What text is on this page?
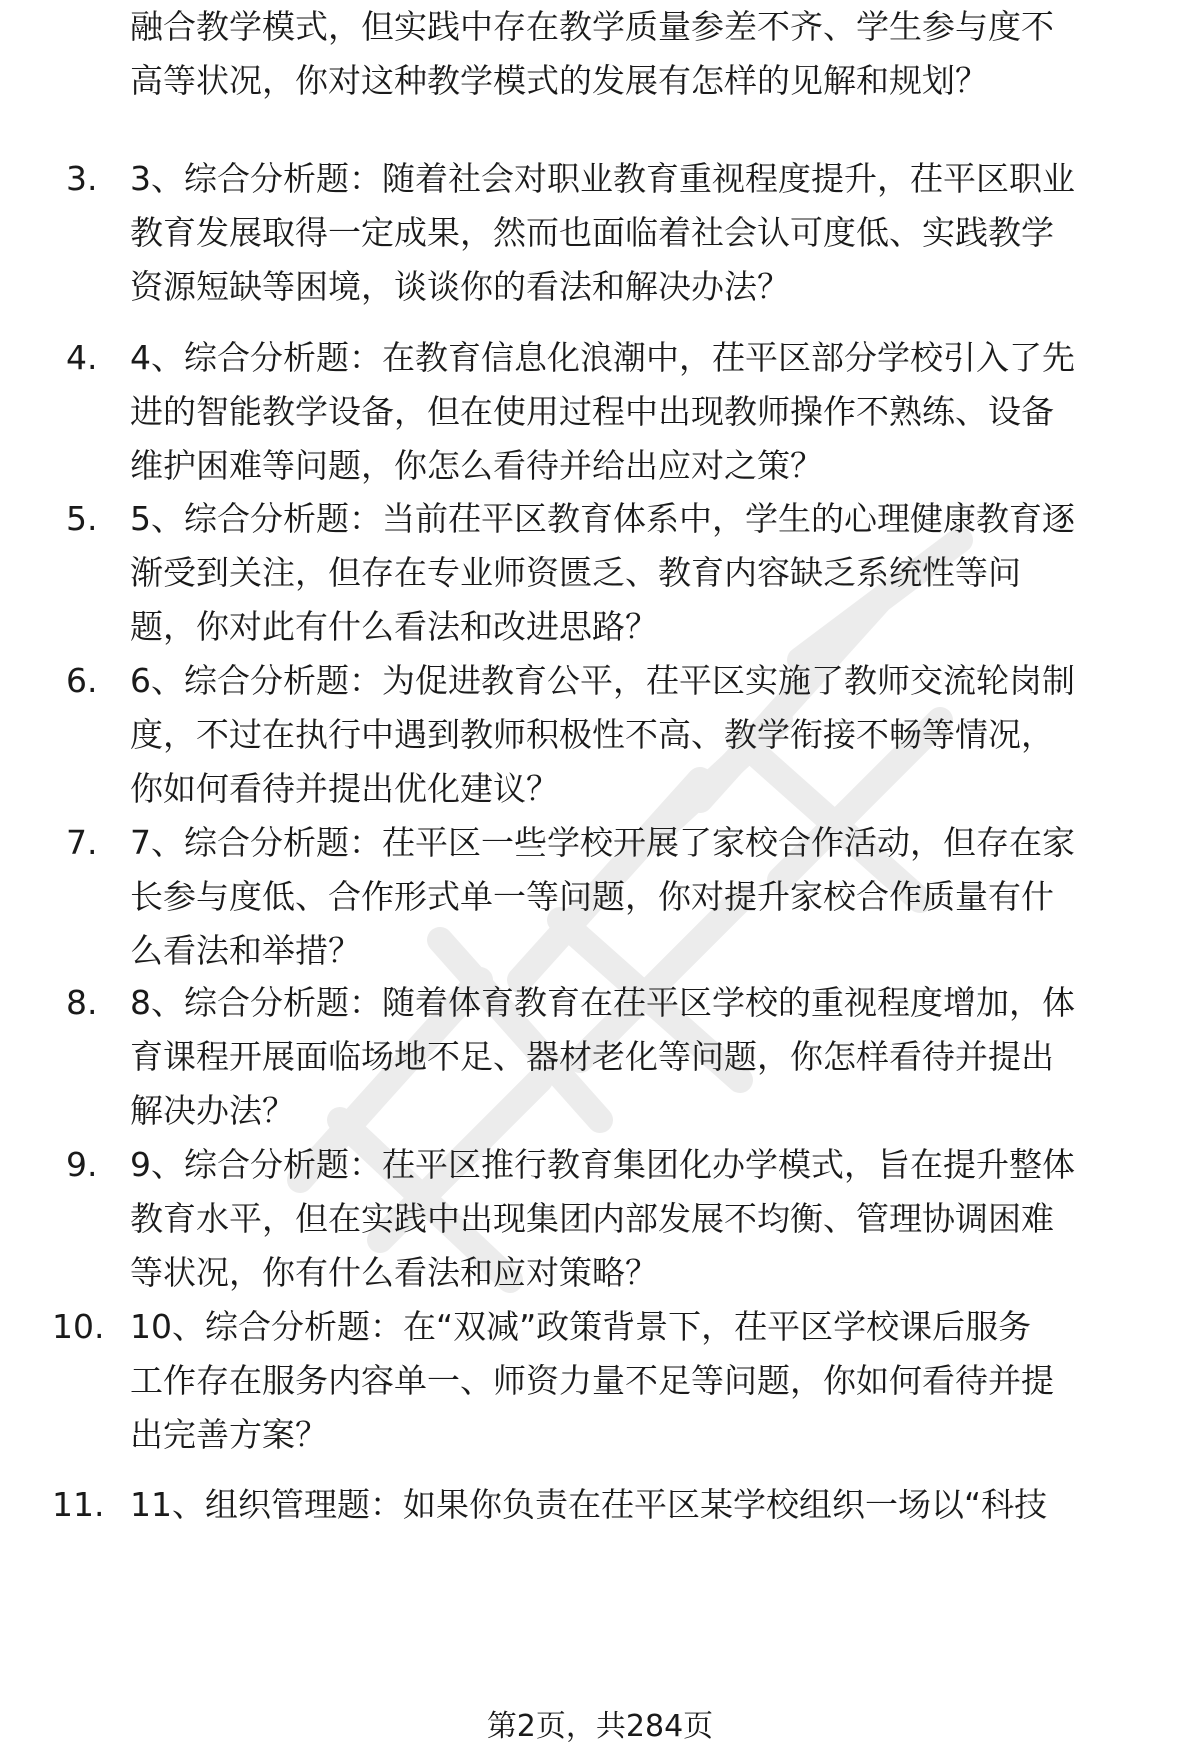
融合教学模式，但实践中存在教学质量参差不齐、学生参与度不
高等状况，你对这种教学模式的发展有怎样的见解和规划？
3. 3、综合分析题：随着社会对职业教育重视程度提升，茌平区职业
教育发展取得一定成果，然而也面临着社会认可度低、实践教学
资源短缺等困境，谈谈你的看法和解决办法？
4. 4、综合分析题：在教育信息化浪潮中，茌平区部分学校引入了先
进的智能教学设备，但在使用过程中出现教师操作不熟练、设备
维护困难等问题，你怎么看待并给出应对之策？
5. 5、综合分析题：当前茌平区教育体系中，学生的心理健康教育逐
渐受到关注，但存在专业师资匮乏、教育内容缺乏系统性等问
题，你对此有什么看法和改进思路？
6. 6、综合分析题：为促进教育公平，茌平区实施了教师交流轮岗制
度，不过在执行中遇到教师积极性不高、教学衔接不畅等情况，
你如何看待并提出优化建议？
7. 7、综合分析题：茌平区一些学校开展了家校合作活动，但存在家
长参与度低、合作形式单一等问题，你对提升家校合作质量有什
么看法和举措？
8. 8、综合分析题：随着体育教育在茌平区学校的重视程度增加，体
育课程开展面临场地不足、器材老化等问题，你怎样看待并提出
解决办法？
9. 9、综合分析题：茌平区推行教育集团化办学模式，旨在提升整体
教育水平，但在实践中出现集团内部发展不均衡、管理协调困难
等状况，你有什么看法和应对策略？
10. 10、综合分析题：在“双减”政策背景下，茌平区学校课后服务
工作存在服务内容单一、师资力量不足等问题，你如何看待并提
出完善方案？
11. 11、组织管理题：如果你负责在茌平区某学校组织一场以“科技
第2页，共284页
